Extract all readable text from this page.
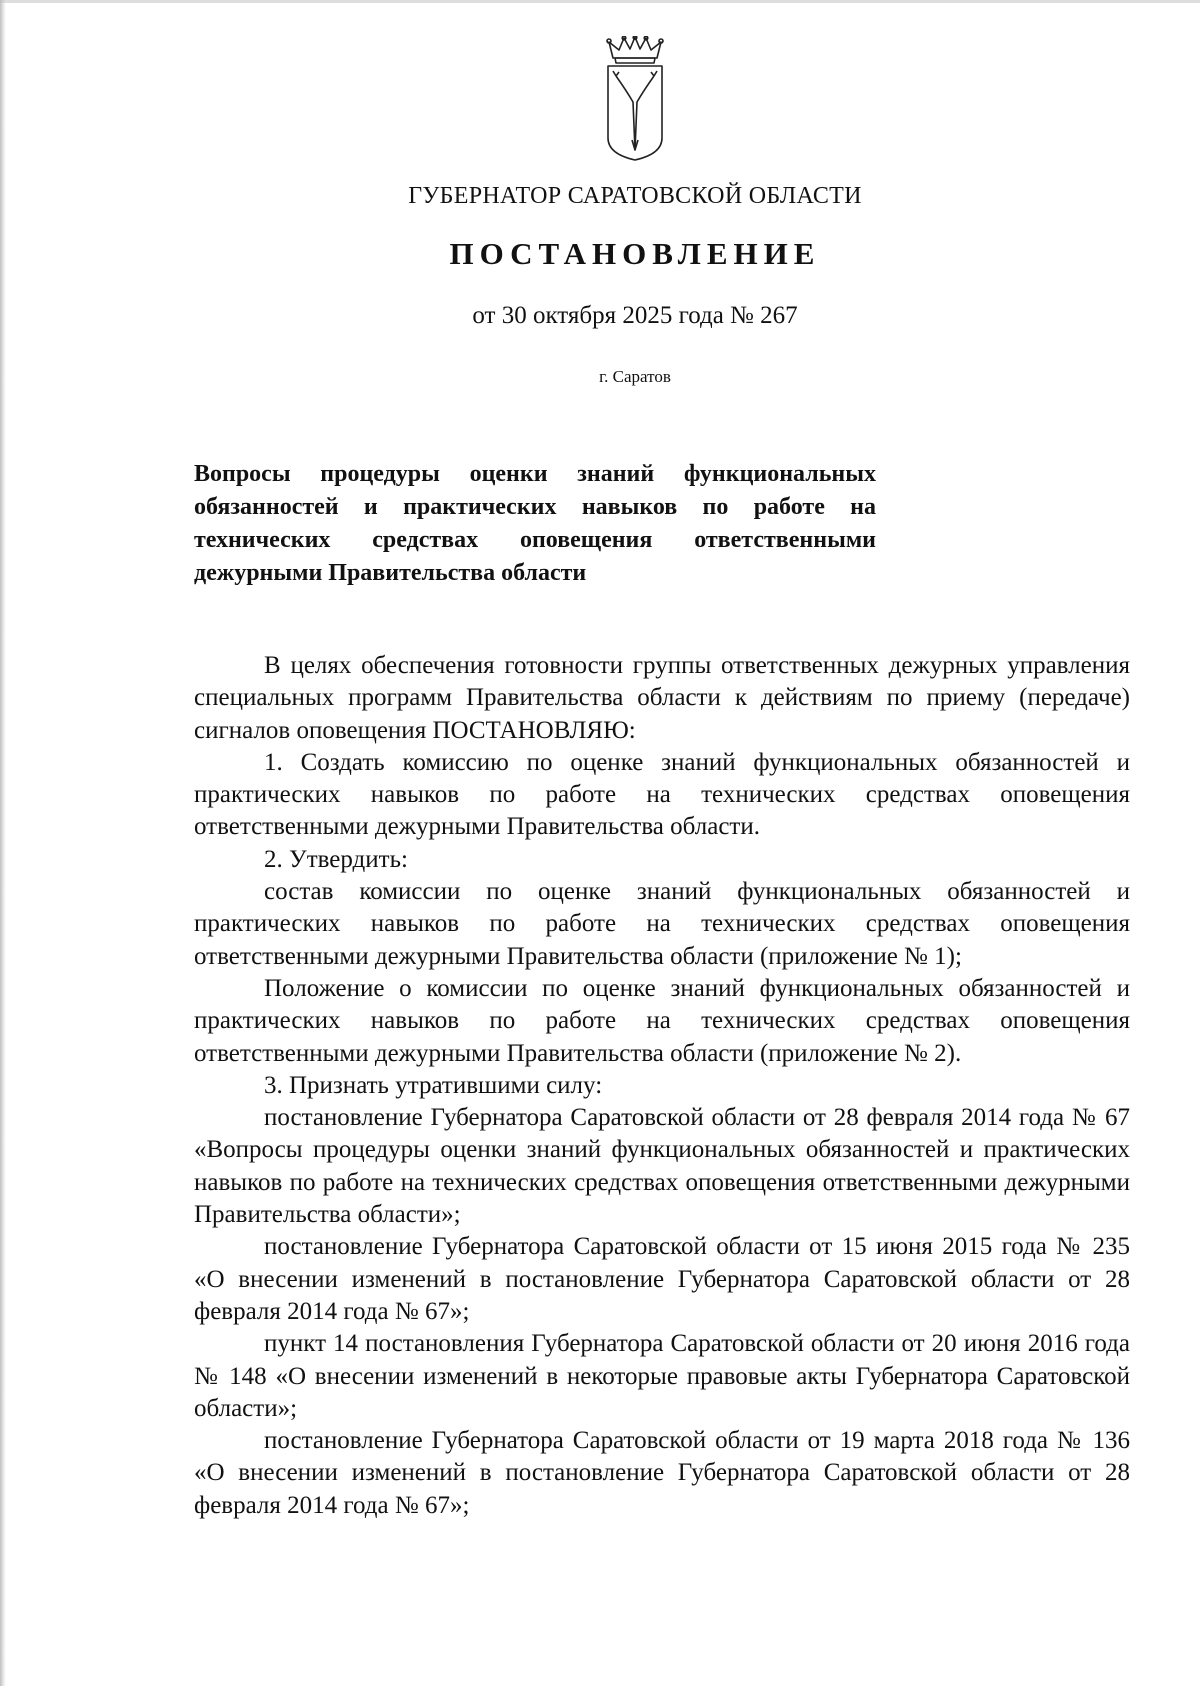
ГУБЕРНАТОР САРАТОВСКОЙ ОБЛАСТИ
ПОСТАНОВЛЕНИЕ
от 30 октября 2025 года № 267
г. Саратов
Вопросы процедуры оценки знаний функциональных обязанностей и практических навыков по работе на технических средствах оповещения ответственными дежурными Правительства области

В целях обеспечения готовности группы ответственных дежурных управления специальных программ Правительства области к действиям по приему (передаче) сигналов оповещения ПОСТАНОВЛЯЮ:

1. Создать комиссию по оценке знаний функциональных обязанностей и практических навыков по работе на технических средствах оповещения ответственными дежурными Правительства области.

2. Утвердить:

состав комиссии по оценке знаний функциональных обязанностей и практических навыков по работе на технических средствах оповещения ответственными дежурными Правительства области (приложение № 1);

Положение о комиссии по оценке знаний функциональных обязанностей и практических навыков по работе на технических средствах оповещения ответственными дежурными Правительства области (приложение № 2).

3. Признать утратившими силу:

постановление Губернатора Саратовской области от 28 февраля 2014 года № 67 «Вопросы процедуры оценки знаний функциональных обязанностей и практических навыков по работе на технических средствах оповещения ответственными дежурными Правительства области»;

постановление Губернатора Саратовской области от 15 июня 2015 года № 235 «О внесении изменений в постановление Губернатора Саратовской области от 28 февраля 2014 года № 67»;

пункт 14 постановления Губернатора Саратовской области от 20 июня 2016 года № 148 «О внесении изменений в некоторые правовые акты Губернатора Саратовской области»;

постановление Губернатора Саратовской области от 19 марта 2018 года № 136 «О внесении изменений в постановление Губернатора Саратовской области от 28 февраля 2014 года № 67»;
